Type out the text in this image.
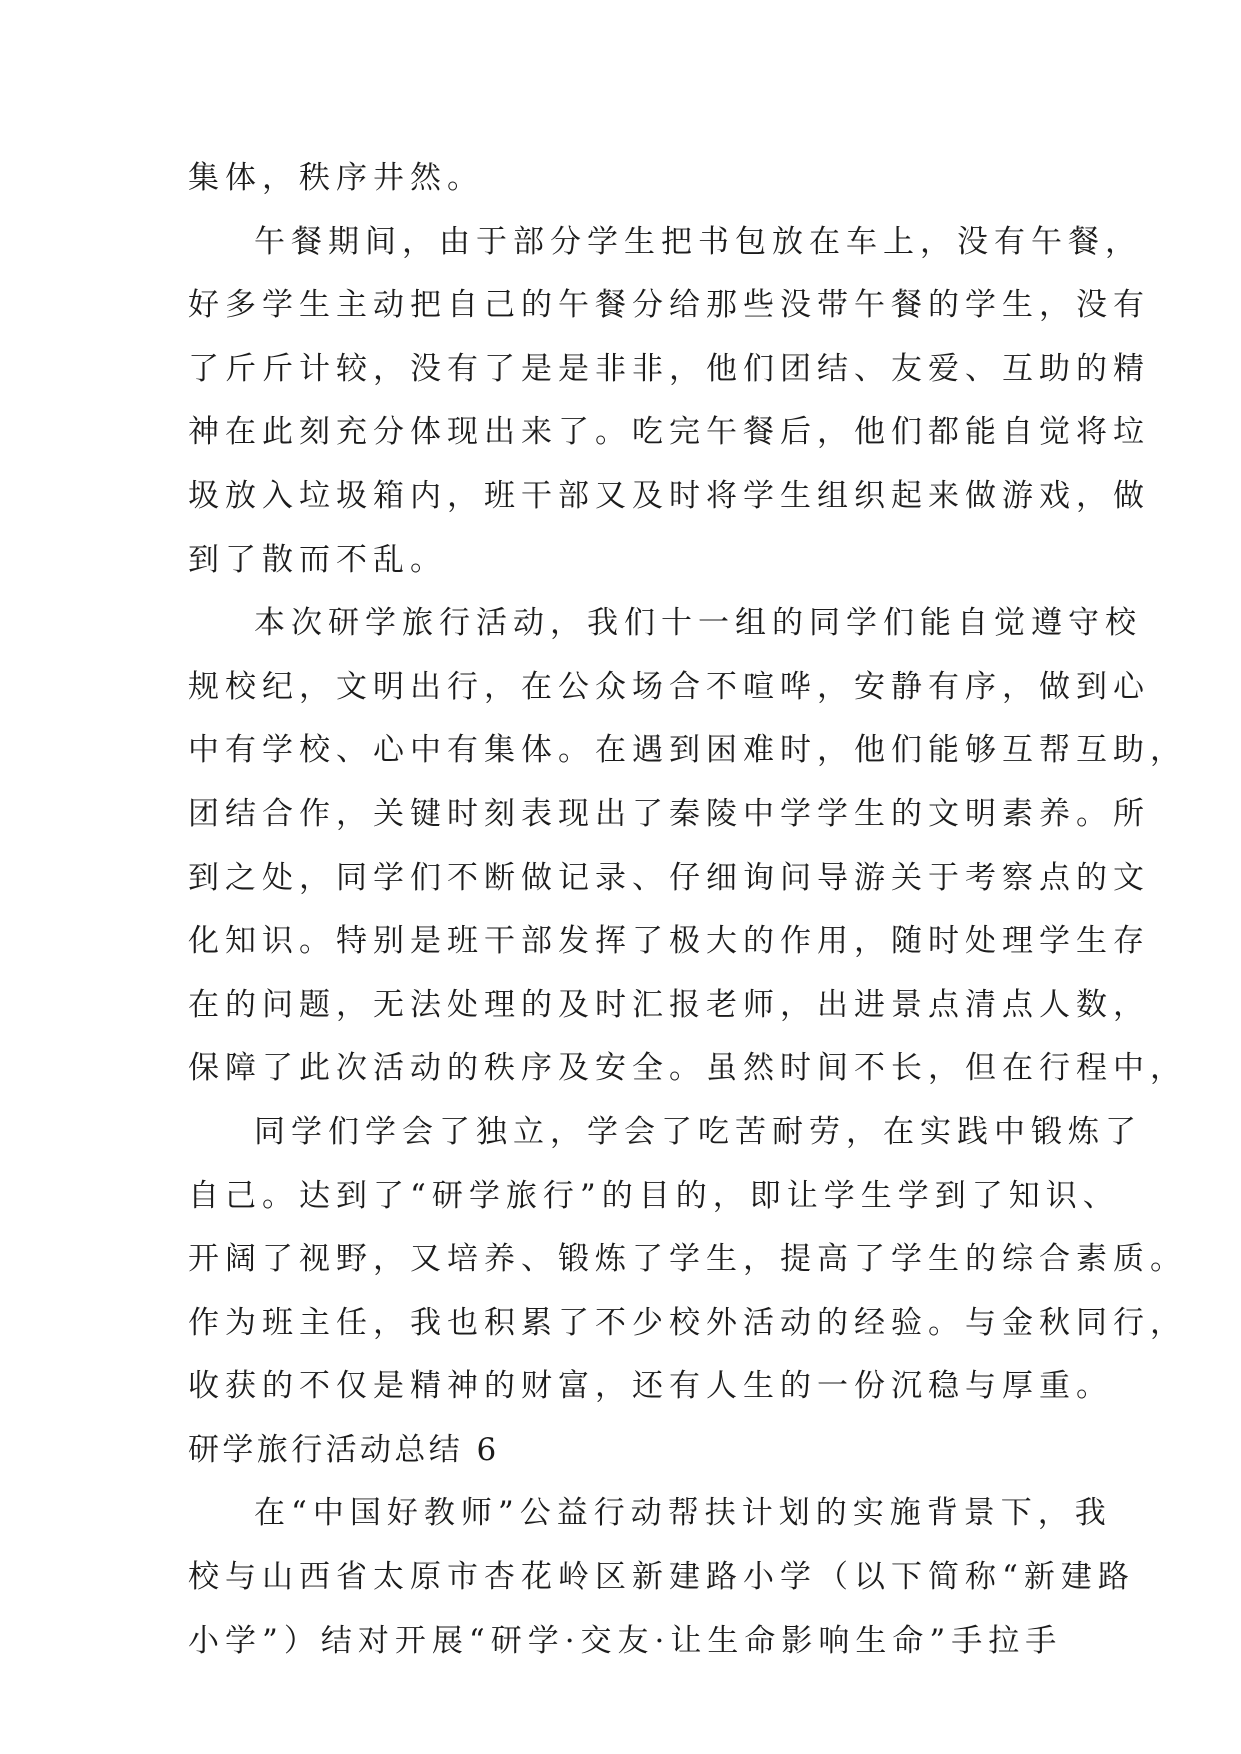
集体，秩序井然。
午餐期间，由于部分学生把书包放在车上，没有午餐，
好多学生主动把自己的午餐分给那些没带午餐的学生，没有
了斤斤计较，没有了是是非非，他们团结、友爱、互助的精
神在此刻充分体现出来了。吃完午餐后，他们都能自觉将垃
圾放入垃圾箱内，班干部又及时将学生组织起来做游戏，做
到了散而不乱。
本次研学旅行活动，我们十一组的同学们能自觉遵守校
规校纪，文明出行，在公众场合不喧哗，安静有序，做到心
中有学校、心中有集体。在遇到困难时，他们能够互帮互助，
团结合作，关键时刻表现出了秦陵中学学生的文明素养。所
到之处，同学们不断做记录、仔细询问导游关于考察点的文
化知识。特别是班干部发挥了极大的作用，随时处理学生存
在的问题，无法处理的及时汇报老师，出进景点清点人数，
保障了此次活动的秩序及安全。虽然时间不长，但在行程中，
同学们学会了独立，学会了吃苦耐劳，在实践中锻炼了
自己。达到了“研学旅行”的目的，即让学生学到了知识、
开阔了视野，又培养、锻炼了学生，提高了学生的综合素质。
作为班主任，我也积累了不少校外活动的经验。与金秋同行，
收获的不仅是精神的财富，还有人生的一份沉稳与厚重。
研学旅行活动总结 6
在“中国好教师”公益行动帮扶计划的实施背景下，我
校与山西省太原市杏花岭区新建路小学（以下简称“新建路
小学”）结对开展“研学·交友·让生命影响生命”手拉手
